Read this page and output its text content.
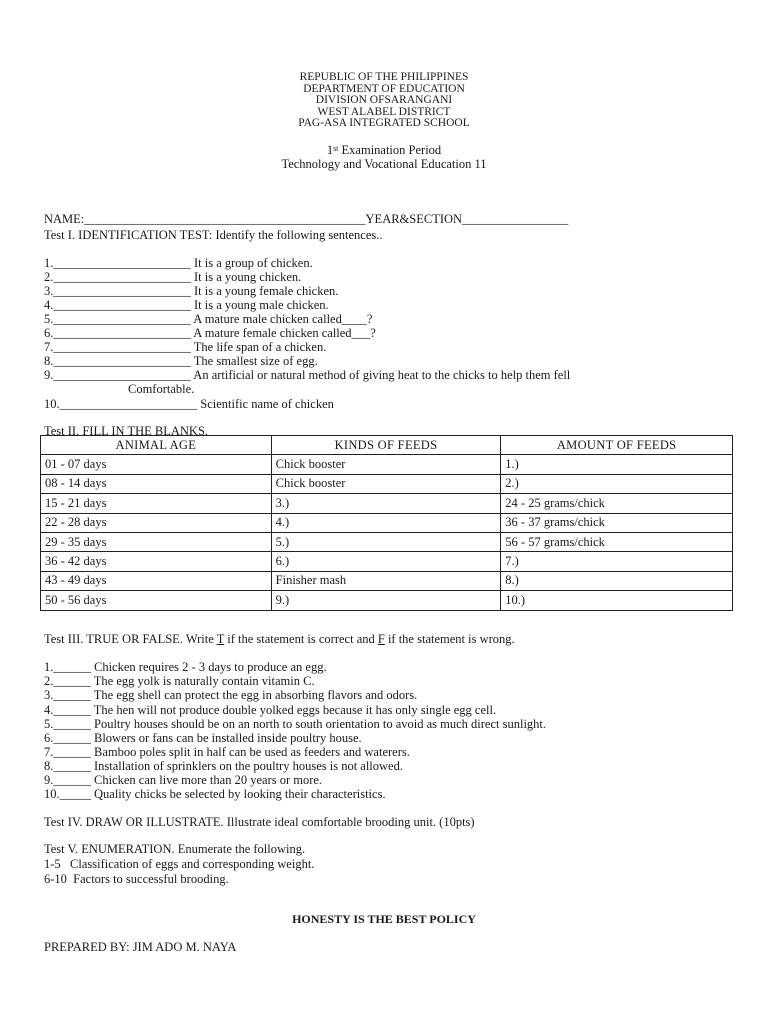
REPUBLIC OF THE PHILIPPINES
DEPARTMENT OF EDUCATION
DIVISION OFSARANGANI
WEST ALABEL DISTRICT
PAG-ASA INTEGRATED SCHOOL
1st Examination Period
Technology and Vocational Education 11
NAME:_____________________________________________YEAR&SECTION_________________
Test I. IDENTIFICATION TEST: Identify the following sentences..
1.______________________ It is a group of chicken.
2.______________________ It is a young chicken.
3.______________________ It is a young female chicken.
4.______________________ It is a young male chicken.
5.______________________ A mature male chicken called____?
6.______________________ A mature female chicken called___?
7.______________________ The life span of a chicken.
8.______________________ The smallest size of egg.
9.______________________ An artificial or natural method of giving heat to the chicks to help them fell
Comfortable.
10.______________________ Scientific name of chicken
Test II. FILL IN THE BLANKS.
ANIMAL AGE	KINDS OF FEEDS	AMOUNT OF FEEDS
01 - 07 days	Chick booster	1.)
08 - 14 days	Chick booster	2.)
15 - 21 days	3.)	24 - 25 grams/chick
22 - 28 days	4.)	36 - 37 grams/chick
29 - 35 days	5.)	56 - 57 grams/chick
36 - 42 days	6.)	7.)
43 - 49 days	Finisher mash	8.)
50 - 56 days	9.)	10.)
Test III. TRUE OR FALSE. Write T if the statement is correct and F if the statement is wrong.
1.______ Chicken requires 2 - 3 days to produce an egg.
2.______ The egg yolk is naturally contain vitamin C.
3.______ The egg shell can protect the egg in absorbing flavors and odors.
4.______ The hen will not produce double yolked eggs because it has only single egg cell.
5.______ Poultry houses should be on an north to south orientation to avoid as much direct sunlight.
6.______ Blowers or fans can be installed inside poultry house.
7.______ Bamboo poles split in half can be used as feeders and waterers.
8.______ Installation of sprinklers on the poultry houses is not allowed.
9.______ Chicken can live more than 20 years or more.
10._____ Quality chicks be selected by looking their characteristics.
Test IV. DRAW OR ILLUSTRATE. Illustrate ideal comfortable brooding unit. (10pts)
Test V. ENUMERATION. Enumerate the following.
1-5   Classification of eggs and corresponding weight.
6-10  Factors to successful brooding.
HONESTY IS THE BEST POLICY
PREPARED BY: JIM ADO M. NAYA
